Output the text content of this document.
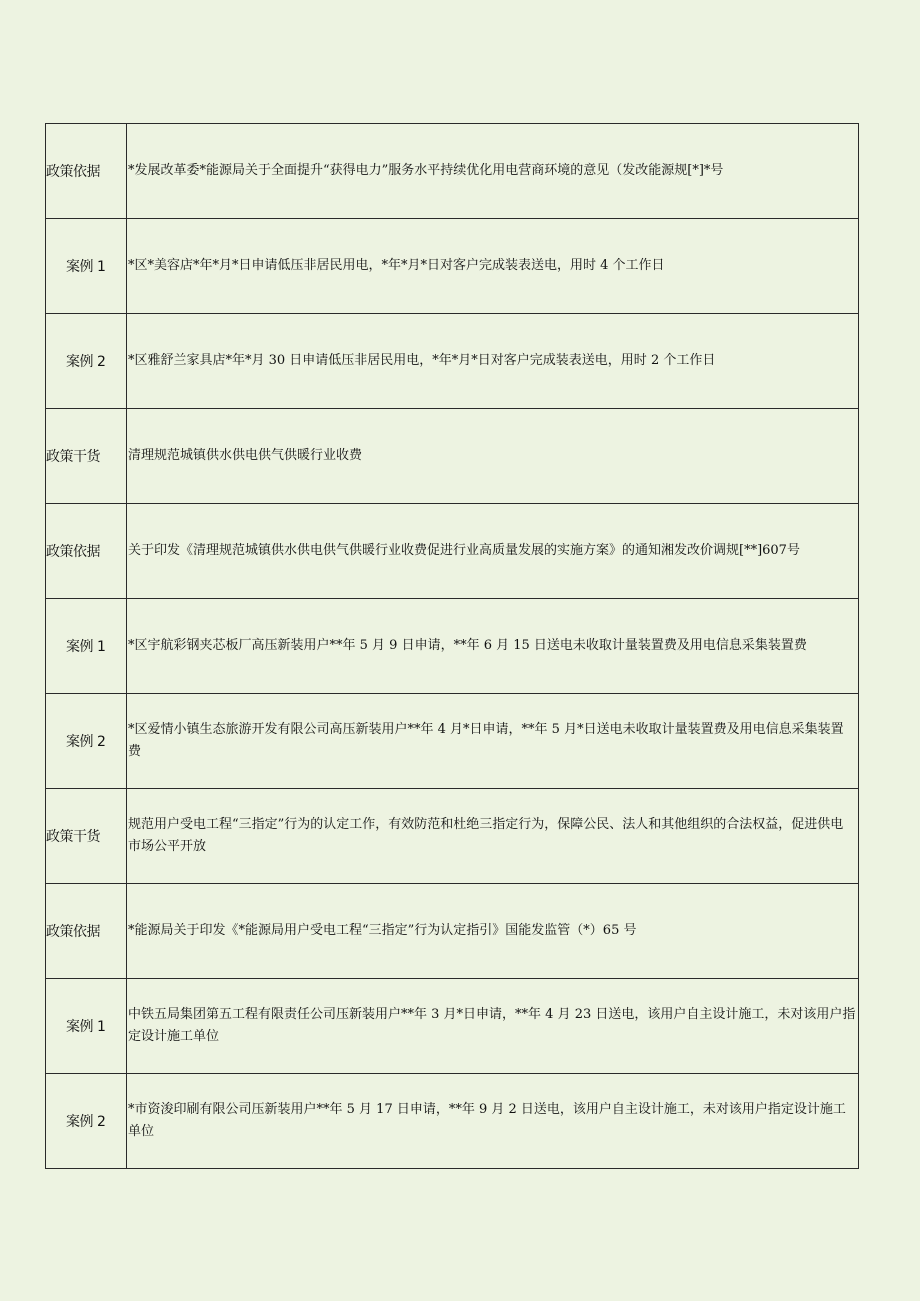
政策依据	*发展改革委*能源局关于全面提升“获得电力”服务水平持续优化用电营商环境的意见（发改能源规[*]*号
案例 1	*区*美容店*年*月*日申请低压非居民用电，*年*月*日对客户完成装表送电，用时 4 个工作日
案例 2	*区雅舒兰家具店*年*月 30 日申请低压非居民用电，*年*月*日对客户完成装表送电，用时 2 个工作日
政策干货	清理规范城镇供水供电供气供暖行业收费
政策依据	关于印发《清理规范城镇供水供电供气供暖行业收费促进行业高质量发展的实施方案》的通知湘发改价调规[**]607号
案例 1	*区宇航彩钢夹芯板厂高压新装用户**年 5 月 9 日申请，**年 6 月 15 日送电未收取计量装置费及用电信息采集装置费
案例 2	*区爱情小镇生态旅游开发有限公司高压新装用户**年 4 月*日申请，**年 5 月*日送电未收取计量装置费及用电信息采集装置费
政策干货	规范用户受电工程“三指定”行为的认定工作，有效防范和杜绝三指定行为，保障公民、法人和其他组织的合法权益，促进供电市场公平开放
政策依据	*能源局关于印发《*能源局用户受电工程“三指定”行为认定指引》国能发监管（*）65 号
案例 1	中铁五局集团第五工程有限责任公司压新装用户**年 3 月*日申请，**年 4 月 23 日送电，该用户自主设计施工，未对该用户指定设计施工单位
案例 2	*市资浚印刷有限公司压新装用户**年 5 月 17 日申请，**年 9 月 2 日送电，该用户自主设计施工，未对该用户指定设计施工单位
